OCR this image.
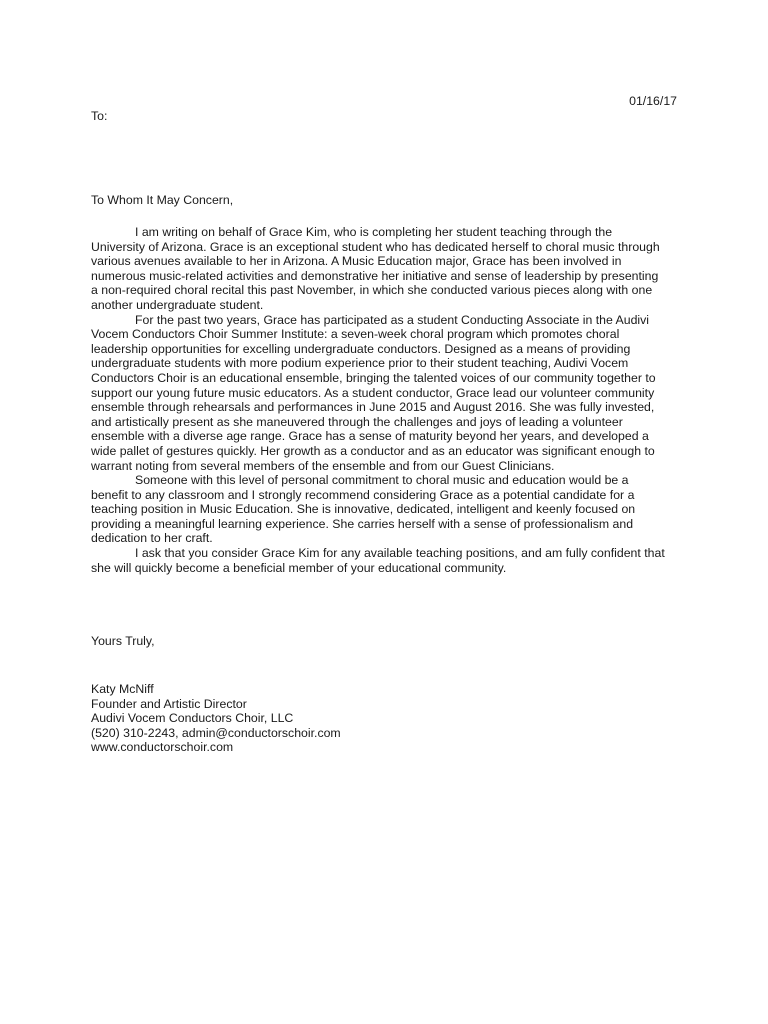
01/16/17
To:
To Whom It May Concern,

I am writing on behalf of Grace Kim, who is completing her student teaching through the
University of Arizona. Grace is an exceptional student who has dedicated herself to choral music through
various avenues available to her in Arizona. A Music Education major, Grace has been involved in
numerous music-related activities and demonstrative her initiative and sense of leadership by presenting
a non-required choral recital this past November, in which she conducted various pieces along with one
another undergraduate student.

For the past two years, Grace has participated as a student Conducting Associate in the Audivi
Vocem Conductors Choir Summer Institute: a seven-week choral program which promotes choral
leadership opportunities for excelling undergraduate conductors. Designed as a means of providing
undergraduate students with more podium experience prior to their student teaching, Audivi Vocem
Conductors Choir is an educational ensemble, bringing the talented voices of our community together to
support our young future music educators. As a student conductor, Grace lead our volunteer community
ensemble through rehearsals and performances in June 2015 and August 2016. She was fully invested,
and artistically present as she maneuvered through the challenges and joys of leading a volunteer
ensemble with a diverse age range. Grace has a sense of maturity beyond her years, and developed a
wide pallet of gestures quickly. Her growth as a conductor and as an educator was significant enough to
warrant noting from several members of the ensemble and from our Guest Clinicians.

Someone with this level of personal commitment to choral music and education would be a
benefit to any classroom and I strongly recommend considering Grace as a potential candidate for a
teaching position in Music Education. She is innovative, dedicated, intelligent and keenly focused on
providing a meaningful learning experience. She carries herself with a sense of professionalism and
dedication to her craft.

I ask that you consider Grace Kim for any available teaching positions, and am fully confident that
she will quickly become a beneficial member of your educational community.

Yours Truly,
Katy McNiff
Founder and Artistic Director
Audivi Vocem Conductors Choir, LLC
(520) 310-2243, admin@conductorschoir.com
www.conductorschoir.com
